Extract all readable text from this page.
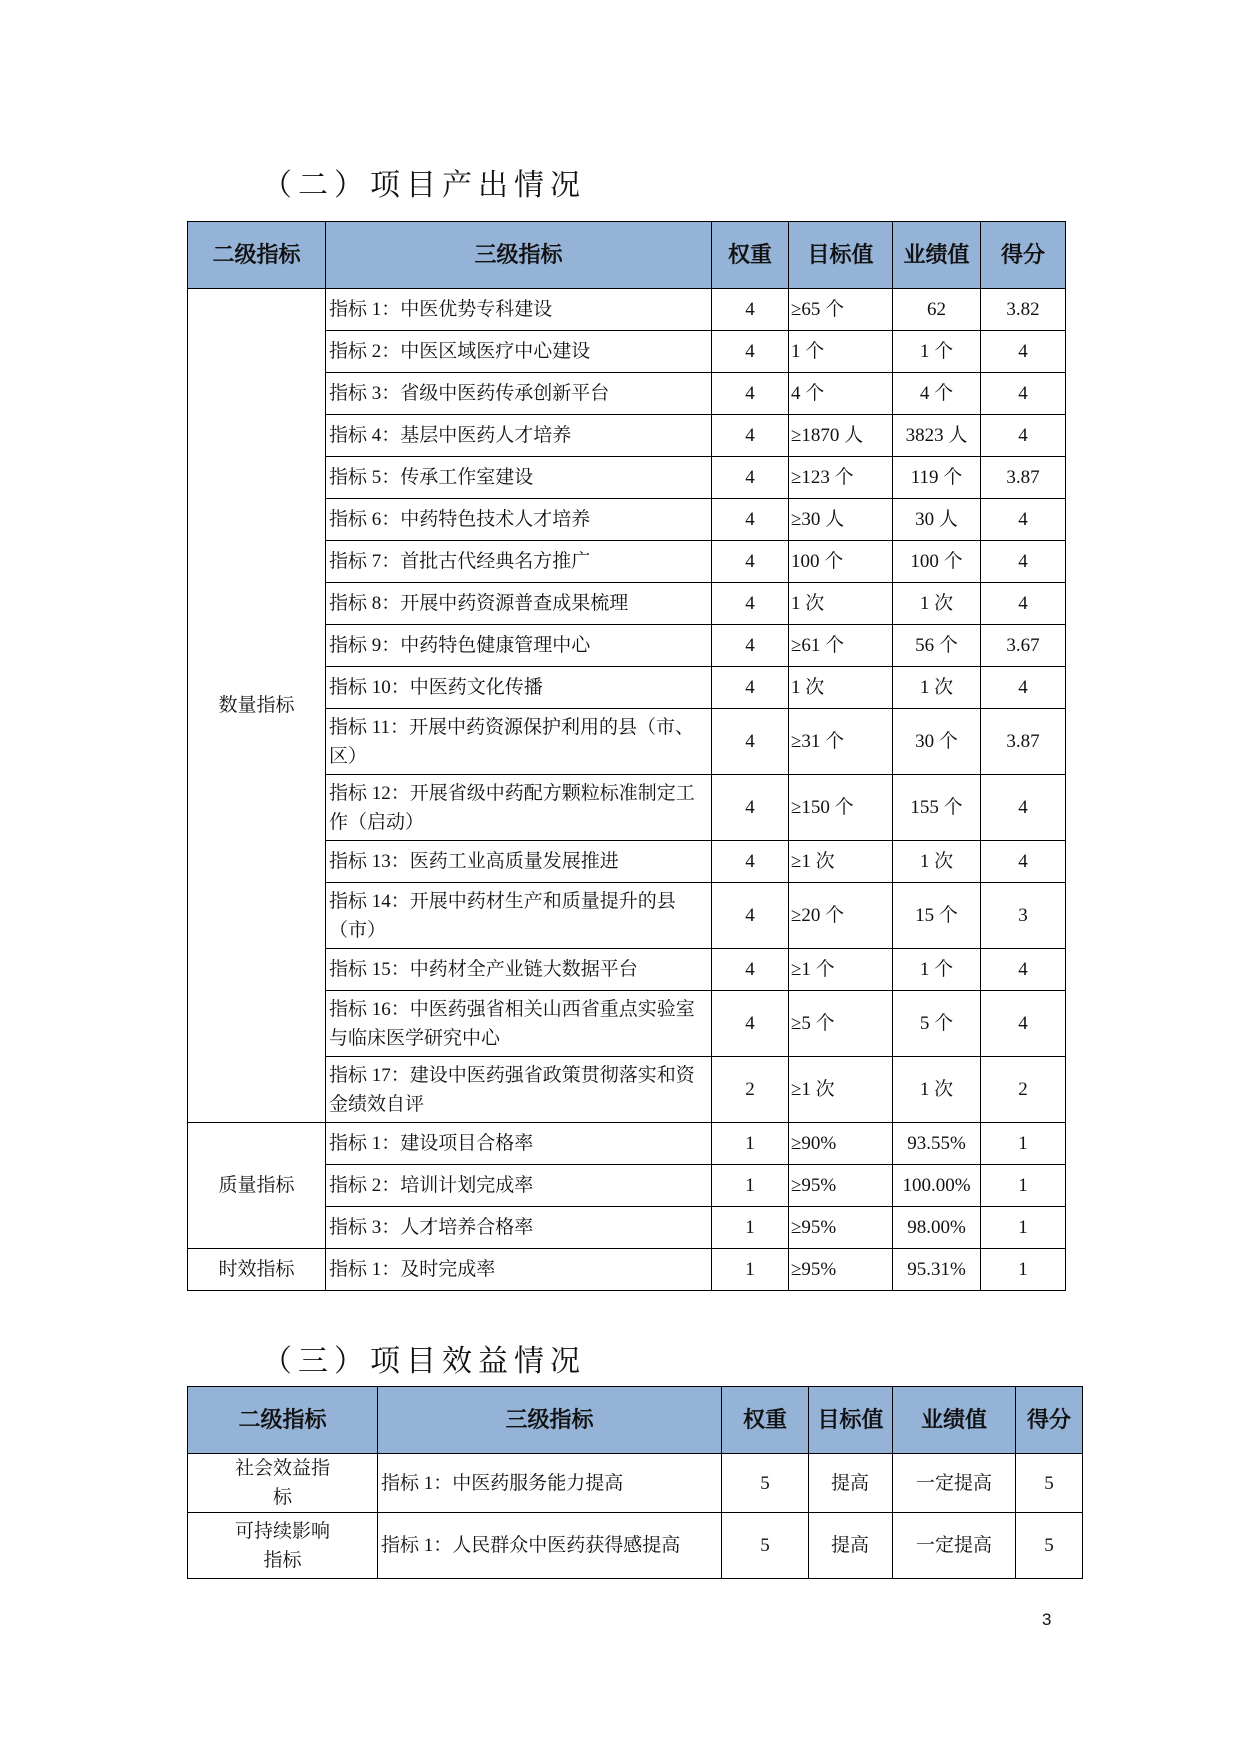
（二）项目产出情况
二级指标	三级指标	权重	目标值	业绩值	得分
数量指标	指标 1：中医优势专科建设	4	≥65 个	62	3.82
	指标 2：中医区域医疗中心建设	4	1 个	1 个	4
	指标 3：省级中医药传承创新平台	4	4 个	4 个	4
	指标 4：基层中医药人才培养	4	≥1870 人	3823 人	4
	指标 5：传承工作室建设	4	≥123 个	119 个	3.87
	指标 6：中药特色技术人才培养	4	≥30 人	30 人	4
	指标 7：首批古代经典名方推广	4	100 个	100 个	4
	指标 8：开展中药资源普查成果梳理	4	1 次	1 次	4
	指标 9：中药特色健康管理中心	4	≥61 个	56 个	3.67
	指标 10：中医药文化传播	4	1 次	1 次	4
	指标 11：开展中药资源保护利用的县（市、区）	4	≥31 个	30 个	3.87
	指标 12：开展省级中药配方颗粒标准制定工作（启动）	4	≥150 个	155 个	4
	指标 13：医药工业高质量发展推进	4	≥1 次	1 次	4
	指标 14：开展中药材生产和质量提升的县（市）	4	≥20 个	15 个	3
	指标 15：中药材全产业链大数据平台	4	≥1 个	1 个	4
	指标 16：中医药强省相关山西省重点实验室与临床医学研究中心	4	≥5 个	5 个	4
	指标 17：建设中医药强省政策贯彻落实和资金绩效自评	2	≥1 次	1 次	2
质量指标	指标 1：建设项目合格率	1	≥90%	93.55%	1
	指标 2：培训计划完成率	1	≥95%	100.00%	1
	指标 3：人才培养合格率	1	≥95%	98.00%	1
时效指标	指标 1：及时完成率	1	≥95%	95.31%	1
（三）项目效益情况
二级指标	三级指标	权重	目标值	业绩值	得分
社会效益指标	指标 1：中医药服务能力提高	5	提高	一定提高	5
可持续影响指标	指标 1：人民群众中医药获得感提高	5	提高	一定提高	5
3
